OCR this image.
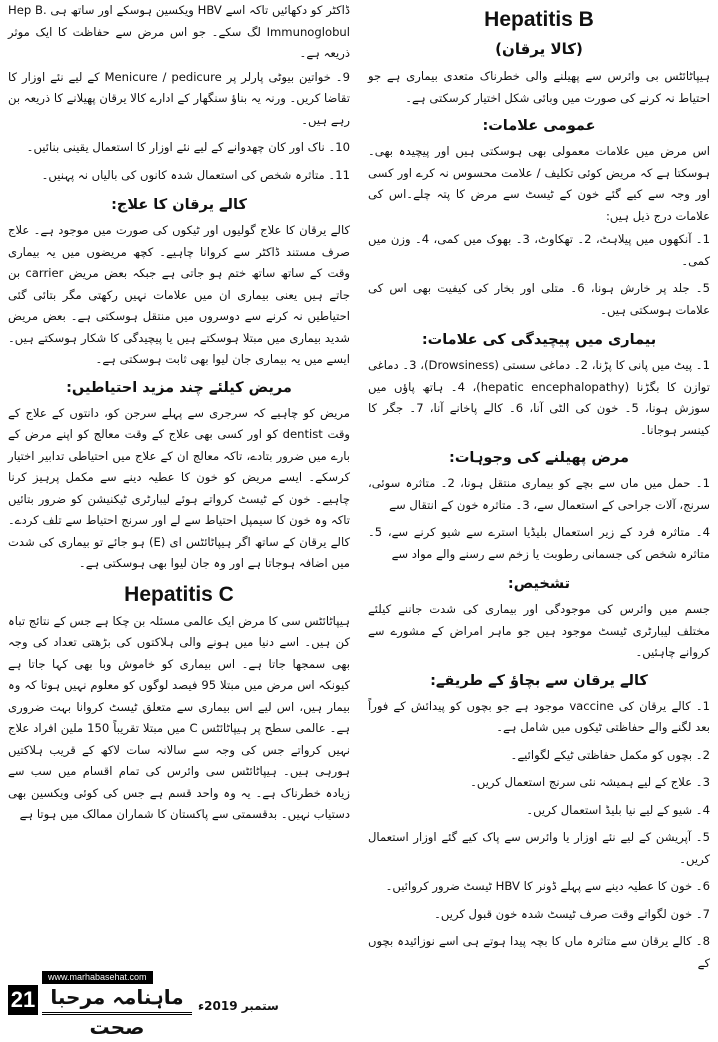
Hepatitis B
(کالا یرقان)

ہیپاٹائٹس بی وائرس سے پھیلنے والی خطرناک متعدی بیماری ہے جو احتیاط نہ کرنے کی صورت میں وبائی شکل اختیار کرسکتی ہے۔

عمومی علامات:

اس مرض میں علامات معمولی بھی ہوسکتی ہیں اور پیچیدہ بھی۔ ہوسکتا ہے کہ مریض کوئی تکلیف / علامت محسوس نہ کرے اور کسی اور وجہ سے کیے گئے خون کے ٹیسٹ سے مرض کا پتہ چلے۔اس کی علامات درج ذیل ہیں:

1۔ آنکھوں میں پیلاہٹ، 2۔ تھکاوٹ، 3۔ بھوک میں کمی، 4۔ وزن میں کمی۔
5۔ جلد پر خارش ہونا، 6۔ متلی اور بخار کی کیفیت بھی اس کی علامات ہوسکتی ہیں۔
بیماری میں پیچیدگی کی علامات:

1۔ پیٹ میں پانی کا پڑنا، 2۔ دماغی سستی (Drowsiness)، 3۔ دماغی توازن کا بگڑنا (hepatic encephalopathy)، 4۔ ہاتھ پاؤں میں سوزش ہونا، 5۔ خون کی الٹی آنا، 6۔ کالے پاخانے آنا، 7۔ جگر کا کینسر ہوجانا۔

مرض پھیلنے کی وجوہات:
1۔ حمل میں ماں سے بچے کو بیماری منتقل ہونا، 2۔ متاثرہ سوئی، سرنج، آلات جراحی کے استعمال سے، 3۔ متاثرہ خون کے انتقال سے
4۔ متاثرہ فرد کے زیر استعمال بلیڈیا استرے سے شیو کرنے سے، 5۔ متاثرہ شخص کی جسمانی رطوبت یا زخم سے رسنے والے مواد سے
تشخیص:

جسم میں وائرس کی موجودگی اور بیماری کی شدت جاننے کیلئے مختلف لیبارٹری ٹیسٹ موجود ہیں جو ماہر امراض کے مشورے سے کروانے چاہئیں۔

کالے یرقان سے بچاؤ کے طریقے:
1۔ کالے یرقان کی vaccine موجود ہے جو بچوں کو پیدائش کے فوراً بعد لگنے والے حفاظتی ٹیکوں میں شامل ہے۔
2۔ بچوں کو مکمل حفاظتی ٹیکے لگوائیے۔
3۔ علاج کے لیے ہمیشہ نئی سرنج استعمال کریں۔
4۔ شیو کے لیے نیا بلیڈ استعمال کریں۔
5۔ آپریشن کے لیے نئے اوزار یا وائرس سے پاک کیے گئے اوزار استعمال کریں۔
6۔ خون کا عطیہ دینے سے پہلے ڈونر کا HBV ٹیسٹ ضرور کروائیں۔
7۔ خون لگواتے وقت صرف ٹیسٹ شدہ خون قبول کریں۔
8۔ کالے یرقان سے متاثرہ ماں کا بچہ پیدا ہوتے ہی اسے نوزائیدہ بچوں کے

ڈاکٹر کو دکھائیں تاکہ اسے HBV ویکسین ہوسکے اور ساتھ ہی Hep B. Immunoglobul لگ سکے۔ جو اس مرض سے حفاظت کا ایک موثر ذریعہ ہے۔

9۔ خواتین بیوٹی پارلر پر Menicure / pedicure کے لیے نئے اوزار کا تقاضا کریں۔ ورنہ یہ بناؤ سنگھار کے ادارے کالا یرقان پھیلانے کا ذریعہ بن رہے ہیں۔
10۔ ناک اور کان چھدوانے کے لیے نئے اوزار کا استعمال یقینی بنائیں۔
11۔ متاثرہ شخص کی استعمال شدہ کانوں کی بالیاں نہ پہنیں۔
کالے یرقان کا علاج:

کالے یرقان کا علاج گولیوں اور ٹیکوں کی صورت میں موجود ہے۔ علاج صرف مستند ڈاکٹر سے کروانا چاہیے۔ کچھ مریضوں میں یہ بیماری وقت کے ساتھ ساتھ ختم ہو جاتی ہے جبکہ بعض مریض carrier بن جاتے ہیں یعنی بیماری ان میں علامات نہیں رکھتی مگر بتائی گئی احتیاطیں نہ کرنے سے دوسروں میں منتقل ہوسکتی ہے۔ بعض مریض شدید بیماری میں مبتلا ہوسکتے ہیں یا پیچیدگی کا شکار ہوسکتے ہیں۔ ایسے میں یہ بیماری جان لیوا بھی ثابت ہوسکتی ہے۔

مریض کیلئے چند مزید احتیاطیں:

مریض کو چاہیے کہ سرجری سے پہلے سرجن کو، دانتوں کے علاج کے وقت dentist کو اور کسی بھی علاج کے وقت معالج کو اپنے مرض کے بارے میں ضرور بتادے، تاکہ معالج ان کے علاج میں احتیاطی تدابیر اختیار کرسکے۔ ایسے مریض کو خون کا عطیہ دینے سے مکمل پرہیز کرنا چاہیے۔ خون کے ٹیسٹ کرواتے ہوئے لیبارٹری ٹیکنیشن کو ضرور بتائیں تاکہ وہ خون کا سیمپل احتیاط سے لے اور سرنج احتیاط سے تلف کردے۔ کالے یرقان کے ساتھ اگر ہیپاٹائٹس ای (E) ہو جائے تو بیماری کی شدت میں اضافہ ہوجاتا ہے اور وہ جان لیوا بھی ہوسکتی ہے۔

Hepatitis C

ہیپاٹائٹس سی کا مرض ایک عالمی مسئلہ بن چکا ہے جس کے نتائج تباہ کن ہیں۔ اسے دنیا میں ہونے والی ہلاکتوں کی بڑھتی تعداد کی وجہ بھی سمجھا جاتا ہے۔ اس بیماری کو خاموش وبا بھی کہا جاتا ہے کیونکہ اس مرض میں مبتلا 95 فیصد لوگوں کو معلوم نہیں ہوتا کہ وہ بیمار ہیں، اس لیے اس بیماری سے متعلق ٹیسٹ کروانا بہت ضروری ہے۔ عالمی سطح پر ہیپاٹائٹس C میں مبتلا تقریباً 150 ملین افراد علاج نہیں کرواتے جس کی وجہ سے سالانہ سات لاکھ کے قریب ہلاکتیں ہورہی ہیں۔ ہیپاٹائٹس سی وائرس کی تمام اقسام میں سب سے زیادہ خطرناک ہے۔ یہ وہ واحد قسم ہے جس کی کوئی ویکسین بھی دستیاب نہیں۔ بدقسمتی سے پاکستان کا شماران ممالک میں ہوتا ہے

www.marhabasehat.com
ماہنامہ مرحبا صحت
ستمبر 2019ء
21
